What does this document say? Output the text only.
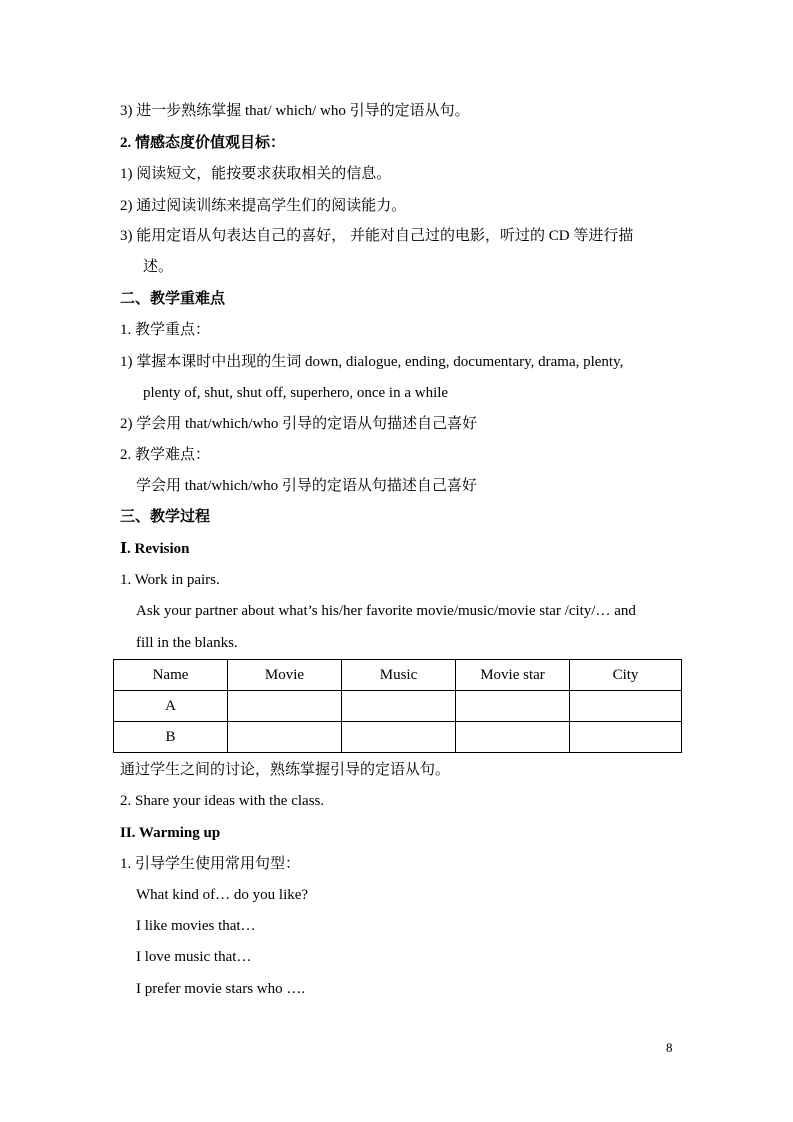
3) 进一步熟练掌握 that/ which/ who 引导的定语从句。
2. 情感态度价值观目标：
1) 阅读短文，能按要求获取相关的信息。
2) 通过阅读训练来提高学生们的阅读能力。
3) 能用定语从句表达自己的喜好， 并能对自己过的电影，听过的 CD 等进行描
述。
二、教学重难点
1. 教学重点：
1) 掌握本课时中出现的生词 down, dialogue, ending, documentary, drama, plenty,
plenty of, shut, shut off, superhero, once in a while
2) 学会用 that/which/who 引导的定语从句描述自己喜好
2. 教学难点：
学会用 that/which/who 引导的定语从句描述自己喜好
三、教学过程
Ⅰ. Revision
1. Work in pairs.
Ask your partner about what’s his/her favorite movie/music/movie star /city/… and
fill in the blanks.
Name	Movie	Music	Movie star	City
A				
B				
通过学生之间的讨论，熟练掌握引导的定语从句。
2. Share your ideas with the class.
II. Warming up
1. 引导学生使用常用句型：
What kind of… do you like?
I like movies that…
I love music that…
I prefer movie stars who ….
8
